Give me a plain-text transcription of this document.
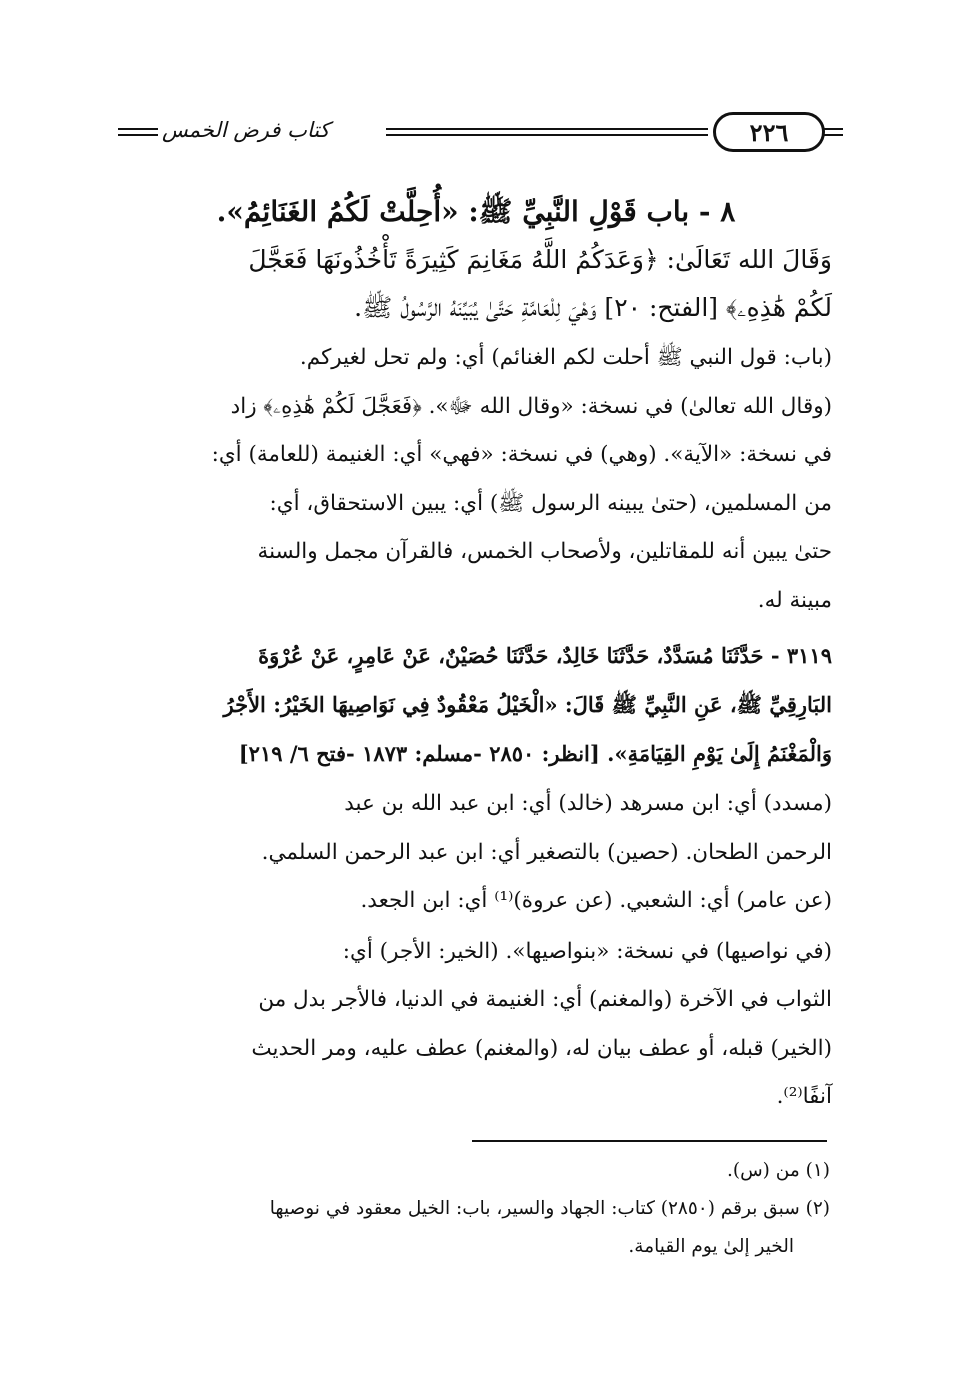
كتاب فرض الخمس	٢٢٦
٨ - باب قَوْلِ النَّبِيِّ ﷺ: «أُحِلَّتْ لَكُمُ الغَنَائِمُ».
وَقَالَ الله تَعَالَىٰ: ﴿وَعَدَكُمُ اللَّهُ مَغَانِمَ كَثِيرَةً تَأْخُذُونَهَا فَعَجَّلَ
لَكُمْ هَٰذِهِۦ﴾ [الفتح: ٢٠] وَهْيَ لِلْعَامَّةِ حَتَّىٰ يُبَيِّنَهُ الرَّسُولُ ﷺ.
(باب: قول النبي ﷺ أحلت لكم الغنائم) أي: ولم تحل لغيركم.
(وقال الله تعالىٰ) في نسخة: «وقال الله ﷻ». ﴿فَعَجَّلَ لَكُمْ هَٰذِهِۦ﴾ زاد
في نسخة: «الآية». (وهي) في نسخة: «فهي» أي: الغنيمة (للعامة) أي:
من المسلمين، (حتىٰ يبينه الرسول ﷺ) أي: يبين الاستحقاق، أي:
حتىٰ يبين أنه للمقاتلين، ولأصحاب الخمس، فالقرآن مجمل والسنة
مبينة له.
٣١١٩ - حَدَّثَنَا مُسَدَّدٌ، حَدَّثَنَا خَالِدٌ، حَدَّثَنَا حُصَيْنٌ، عَنْ عَامِرٍ، عَنْ عُرْوَةَ
البَارِقِيِّ ﷺ، عَنِ النَّبِيِّ ﷺ قَالَ: «الْخَيْلُ مَعْقُودٌ فِي نَوَاصِيهَا الخَيْرُ: الأَجْرُ
وَالْمَغْنَمُ إِلَىٰ يَوْمِ القِيَامَةِ». [انظر: ٢٨٥٠ -مسلم: ١٨٧٣ -فتح ٦/ ٢١٩]
(مسدد) أي: ابن مسرهد (خالد) أي: ابن عبد الله بن عبد
الرحمن الطحان. (حصين) بالتصغير أي: ابن عبد الرحمن السلمي.
(عن عامر) أي: الشعبي. (عن عروة)⁽¹⁾ أي: ابن الجعد.
(في نواصيها) في نسخة: «بنواصيها». (الخير: الأجر) أي:
الثواب في الآخرة (والمغنم) أي: الغنيمة في الدنيا، فالأجر بدل من
(الخير) قبله، أو عطف بيان له، (والمغنم) عطف عليه، ومر الحديث
آنفًا⁽²⁾.
(١) من (س).
(٢) سبق برقم (٢٨٥٠) كتاب: الجهاد والسير، باب: الخيل معقود في نوصيها
الخير إلىٰ يوم القيامة.
